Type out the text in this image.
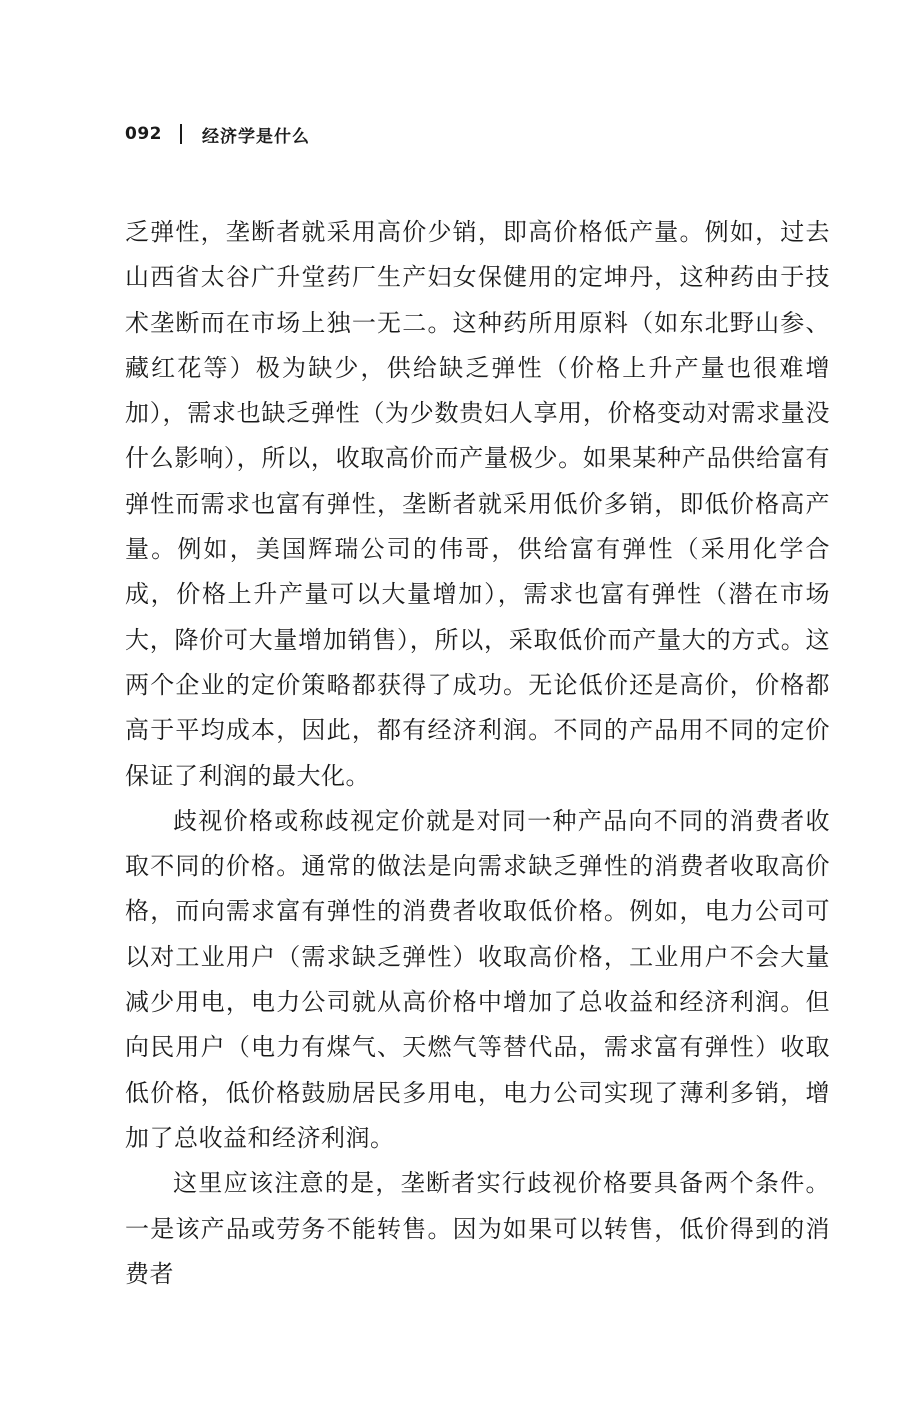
092 经济学是什么

乏弹性，垄断者就采用高价少销，即高价格低产量。例如，过去山西省太谷广升堂药厂生产妇女保健用的定坤丹，这种药由于技术垄断而在市场上独一无二。这种药所用原料（如东北野山参、藏红花等）极为缺少，供给缺乏弹性（价格上升产量也很难增加），需求也缺乏弹性（为少数贵妇人享用，价格变动对需求量没什么影响），所以，收取高价而产量极少。如果某种产品供给富有弹性而需求也富有弹性，垄断者就采用低价多销，即低价格高产量。例如，美国辉瑞公司的伟哥，供给富有弹性（采用化学合成，价格上升产量可以大量增加），需求也富有弹性（潜在市场大，降价可大量增加销售），所以，采取低价而产量大的方式。这两个企业的定价策略都获得了成功。无论低价还是高价，价格都高于平均成本，因此，都有经济利润。不同的产品用不同的定价保证了利润的最大化。

歧视价格或称歧视定价就是对同一种产品向不同的消费者收取不同的价格。通常的做法是向需求缺乏弹性的消费者收取高价格，而向需求富有弹性的消费者收取低价格。例如，电力公司可以对工业用户（需求缺乏弹性）收取高价格，工业用户不会大量减少用电，电力公司就从高价格中增加了总收益和经济利润。但向民用户（电力有煤气、天燃气等替代品，需求富有弹性）收取低价格，低价格鼓励居民多用电，电力公司实现了薄利多销，增加了总收益和经济利润。

这里应该注意的是，垄断者实行歧视价格要具备两个条件。一是该产品或劳务不能转售。因为如果可以转售，低价得到的消费者
